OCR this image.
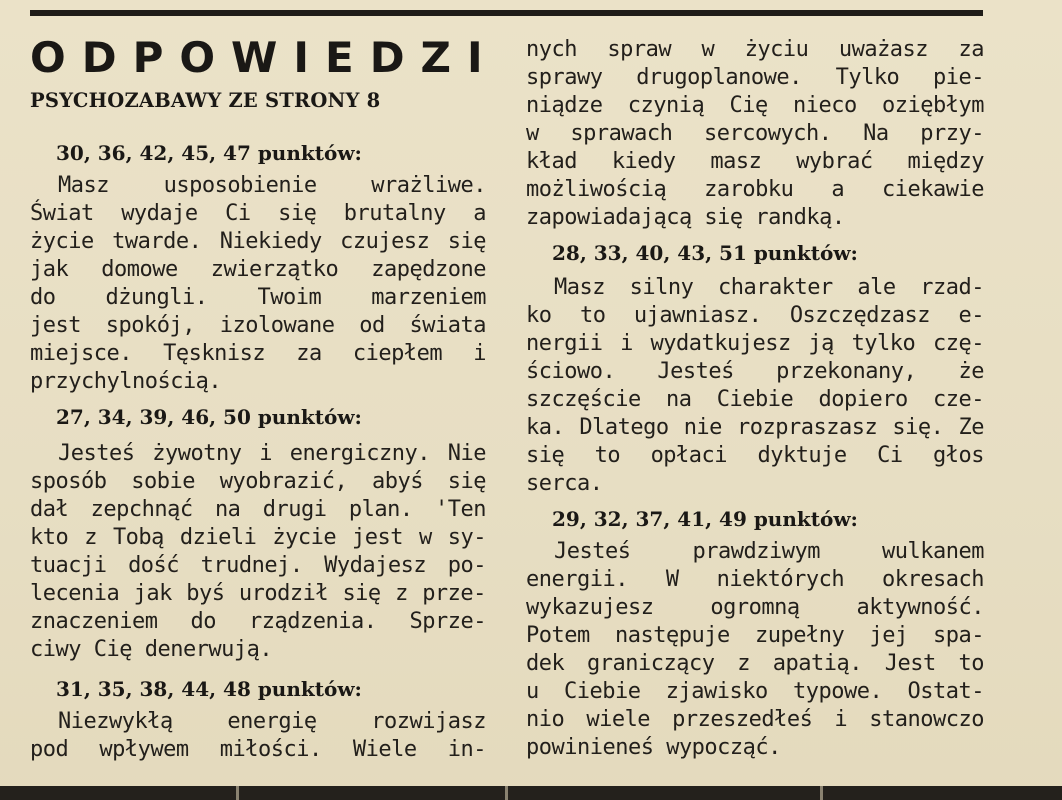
ODPOWIEDZI
PSYCHOZABAWY ZE STRONY 8
30, 36, 42, 45, 47 punktów:
Masz usposobienie wrażliwe.
Świat wydaje Ci się brutalny a
życie twarde. Niekiedy czujesz się
jak domowe zwierzątko zapędzone
do dżungli. Twoim marzeniem
jest spokój, izolowane od świata
miejsce. Tęsknisz za ciepłem i
przychylnością.
27, 34, 39, 46, 50 punktów:
Jesteś żywotny i energiczny. Nie
sposób sobie wyobrazić, abyś się
dał zepchnąć na drugi plan. 'Ten
kto z Tobą dzieli życie jest w sy-
tuacji dość trudnej. Wydajesz po-
lecenia jak byś urodził się z prze-
znaczeniem do rządzenia. Sprze-
ciwy Cię denerwują.
31, 35, 38, 44, 48 punktów:
Niezwykłą energię rozwijasz
pod wpływem miłości. Wiele in-
nych spraw w życiu uważasz za
sprawy drugoplanowe. Tylko pie-
niądze czynią Cię nieco oziębłym
w sprawach sercowych. Na przy-
kład kiedy masz wybrać między
możliwością zarobku a ciekawie
zapowiadającą się randką.
28, 33, 40, 43, 51 punktów:
Masz silny charakter ale rzad-
ko to ujawniasz. Oszczędzasz e-
nergii i wydatkujesz ją tylko czę-
ściowo. Jesteś przekonany, że
szczęście na Ciebie dopiero cze-
ka. Dlatego nie rozpraszasz się. Ze
się to opłaci dyktuje Ci głos
serca.
29, 32, 37, 41, 49 punktów:
Jesteś	prawdziwym	wulkanem
energii. W niektórych okresach
wykazujesz	ogromną	aktywność.
Potem następuje zupełny jej spa-
dek graniczący z apatią. Jest to
u Ciebie zjawisko typowe. Ostat-
nio wiele przeszedłeś i stanowczo
powinieneś wypocząć.
